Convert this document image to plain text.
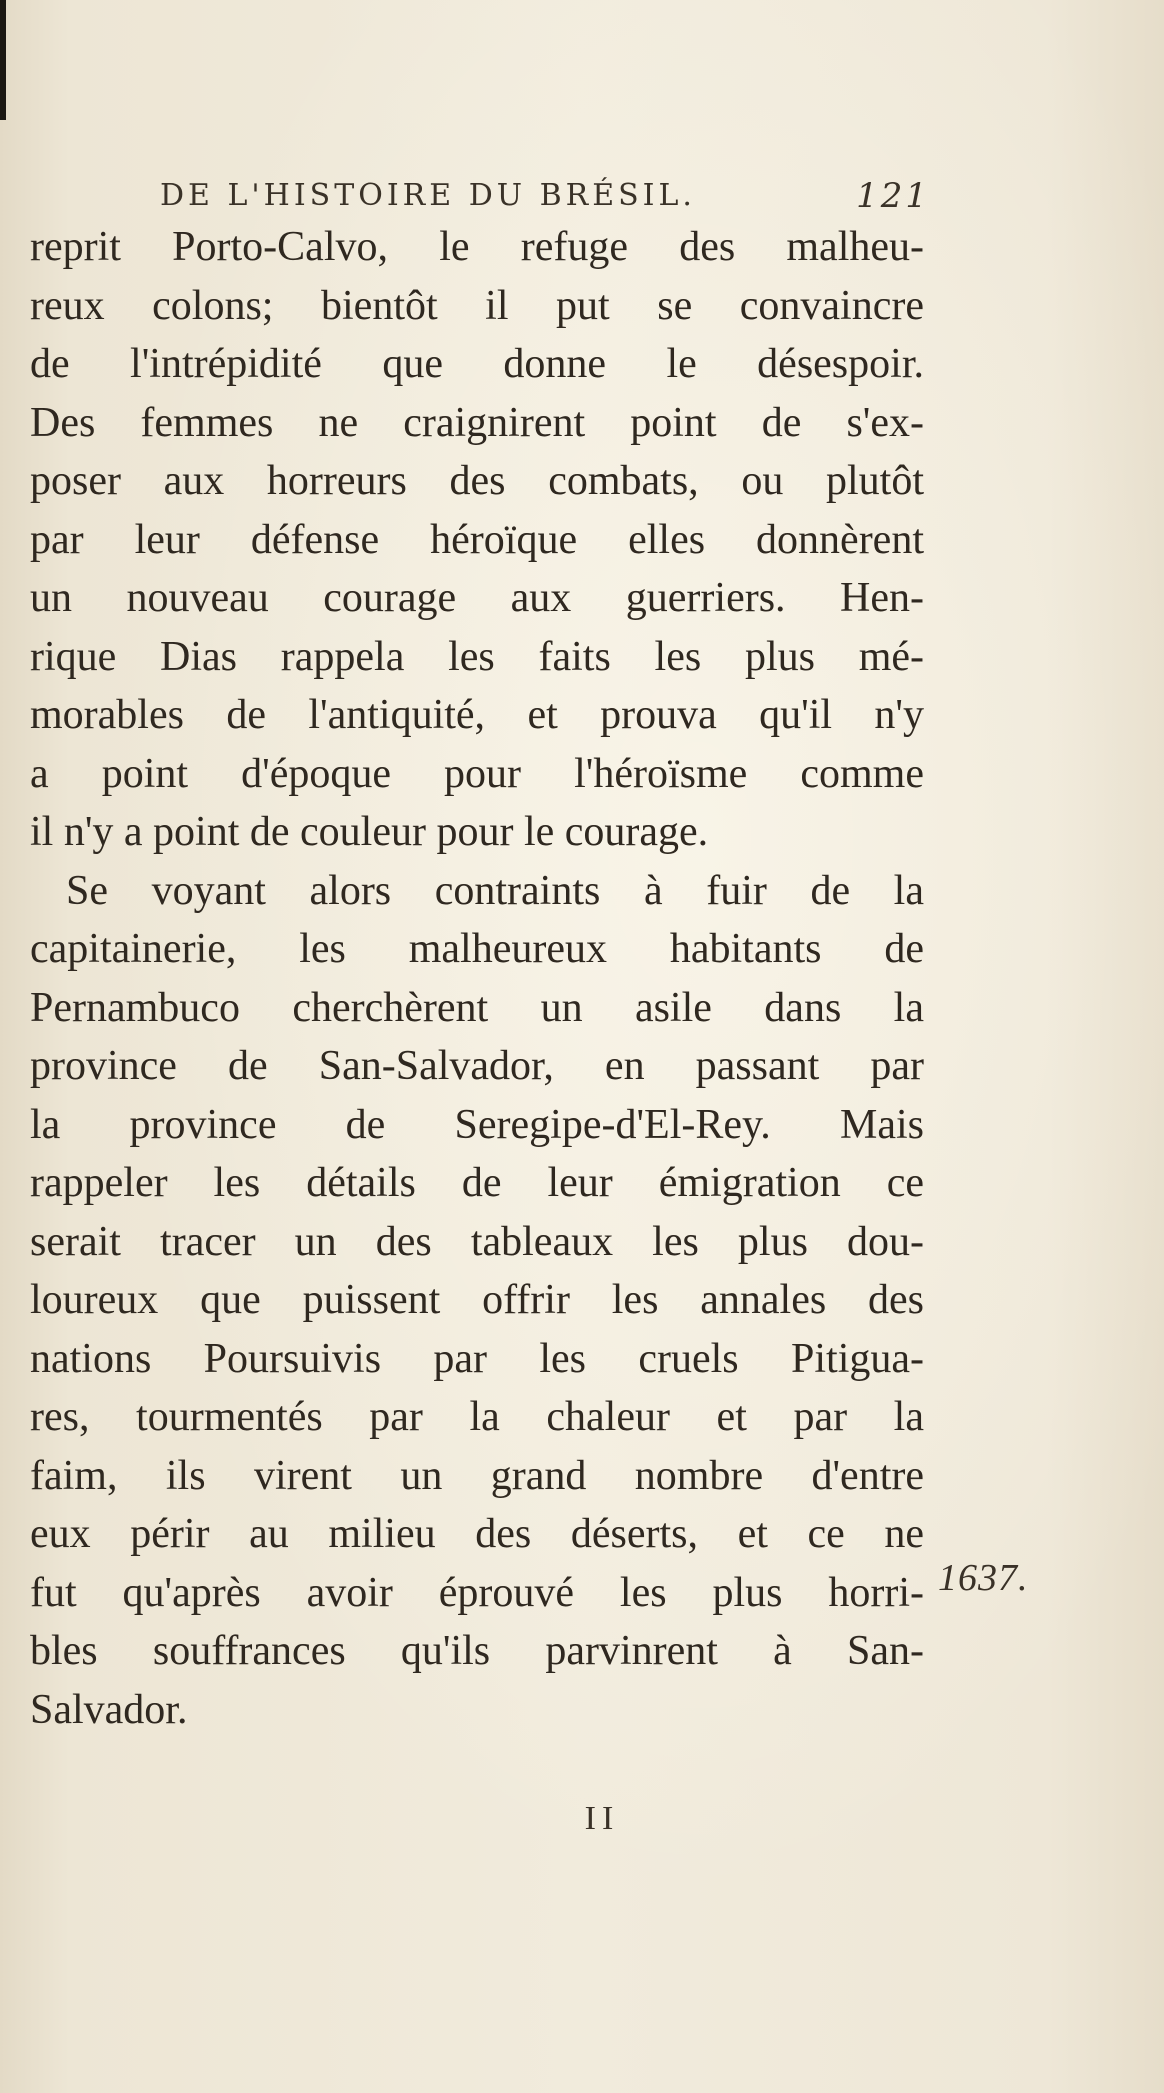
DE L'HISTOIRE DU BRÉSIL.	121
reprit Porto-Calvo, le refuge des malheu-
reux colons; bientôt il put se convaincre
de l'intrépidité que donne le désespoir.
Des femmes ne craignirent point de s'ex-
poser aux horreurs des combats, ou plutôt
par leur défense héroïque elles donnèrent
un nouveau courage aux guerriers. Hen-
rique Dias rappela les faits les plus mé-
morables de l'antiquité, et prouva qu'il n'y
a point d'époque pour l'héroïsme comme
il n'y a point de couleur pour le courage.
Se voyant alors contraints à fuir de la
capitainerie, les malheureux habitants de
Pernambuco cherchèrent un asile dans la
province de San-Salvador, en passant par
la province de Seregipe-d'El-Rey. Mais
rappeler les détails de leur émigration ce
serait tracer un des tableaux les plus dou-
loureux que puissent offrir les annales des
nations Poursuivis par les cruels Pitigua-
res, tourmentés par la chaleur et par la
faim, ils virent un grand nombre d'entre
eux périr au milieu des déserts, et ce ne
fut qu'après avoir éprouvé les plus horri-
bles souffrances qu'ils parvinrent à San-
Salvador.
1637.
II
